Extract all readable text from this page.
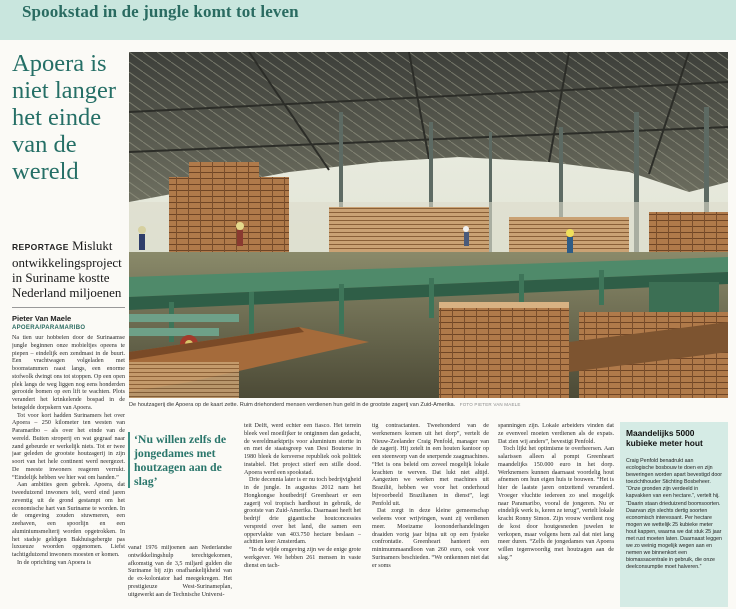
Spookstad in de jungle komt tot leven
Apoera is niet langer het einde van de wereld
REPORTAGE Mislukt ontwikkelingsproject in Suriname kostte Nederland miljoenen
Pieter Van Maele
APOERA/PARAMARIBO

Na tien uur hobbelen door de Surinaamse jungle beginnen onze mobieltjes opeens te piepen – eindelijk een zendmast in de buurt. Een vrachtwagen volgeladen met boomstammen raast langs, een enorme stofwolk dwingt ons tot stoppen. Op een open plek langs de weg liggen nog eens honderden gerooide bomen op een lift te wachten. Plots verandert het krinkelende bospad in de betegelde dorpskern van Apoera.

Tot voor kort hadden Surinamers het over Apoera – 250 kilometer ten westen van Paramaribo – als over het einde van de wereld. Buiten stroperij en wat gegraaf naar zand gebeurde er werkelijk niets. Tot er twee jaar geleden de grootste houtzagerij in zijn soort van het hele continent werd neergezet. De meeste inwoners reageren verrukt. “Eindelijk hebben we hier wat om handen.”

Aan ambities geen gebrek. Apoera, dat tweeduizend inwoners telt, werd eind jaren zeventig uit de grond gestampt om het economische hart van Suriname te worden. In de omgeving zouden stuwmeren, een zeehaven, een spoorlijn en een aluminiumsmelterij worden opgetrokken. In het stadsje geldigen Bakhuisgebergte pas luxueuze woorden opgenomen. Liefst tachtigduizend inwoners moesten er komen.

In de oprichting van Apoera is

De houtzagerij die Apoera op de kaart zette. Ruim driehonderd mensen verdienen hun geld in de grootste zagerij van Zuid-Amerika. FOTO PIETER VAN MAELE
‘Nu willen zelfs de jongedames met houtzagen aan de slag’

vanaf 1976 miljoenen aan Nederlandse ontwikkelingshulp terechtgekomen, afkomstig van de 3,5 miljard gulden die Suriname bij zijn onafhankelijkheid van de ex-koloniator had meegekregen. Het prestigieuze West-Surinameplan, uitgewerkt aan de Technische Universi-

teit Delft, werd echter een fiasco. Het terrein bleek veel moeilijker te ontginnen dan gedacht, de wereldmarktprijs voor aluminium stortte in en met de staatsgreep van Desi Bouterse in 1980 bleek de kersverse republiek ook politiek instabiel. Het project stierf een stille dood. Apoera werd een spookstad.

Drie decennia later is er nu toch bedrijvigheid in de jungle. In augustus 2012 nam het Hongkongse houtbedrijf Greenheart er een zagerij vol tropisch hardhout in gebruik, de grootste van Zuid-Amerika. Daarnaast heeft het bedrijf drie gigantische houtconcessies verspreid over het land, die samen een oppervlakte van 403.750 hectare beslaan – achttien keer Amsterdam.

“In de wijde omgeving zijn we de enige grote werkgever. We hebben 261 mensen in vaste dienst en tach-

tig contractanten. Tweehonderd van de werknemers komen uit het dorp”, vertelt de Nieuw-Zeelander Craig Penfold, manager van de zagerij. Hij zetelt in een houten kantoor op een steenworp van de snerpende zaagmachines. “Het is ons beleid om zoveel mogelijk lokale krachten te werven. Dat lukt niet altijd. Aangezien we werken met machines uit Brazilië, hebben we voor het onderhoud bijvoorbeeld Brazilianen in dienst”, legt Penfold uit.

Dat zorgt in deze kleine gemeenschap weleens voor wrijvingen, want zij verdienen meer. Moeizame loononderhandelingen draaiden vorig jaar bijna uit op een fysieke confrontatie. Greenheart hanteert een minimummaandloon van 260 euro, ook voor Surinamers beschieden. “We ontkennen niet dat er soms

spanningen zijn. Lokale arbeiders vinden dat ze evenveel moeten verdienen als de expats. Dat zien wij anders”, bevestigt Penfold.

Toch lijkt het optimisme te overheersen. Aan salarissen alleen al pompt Greenheart maandelijks 150.000 euro in het dorp. Werknemers kunnen daarnaast voordelig hout afnemen om hun eigen huis te bouwen. “Het is hier de laatste jaren ontzettend veranderd. Vroeger vluchtte iedereen zo snel mogelijk naar Paramaribo, vooral de jongeren. Nu er eindelijk werk is, keren ze terug”, vertelt lokale kracht Ronny Simon. Zijn vrouw verdient nog de kost door houtgesneden juwelen te verkopen, maar volgens hem zal dat niet lang meer duren. “Zelfs de jongedames van Apoera willen tegenwoordig met houtzagen aan de slag.”

Maandelijks 5000 kubieke meter hout
Craig Penfold benadrukt aan ecologische bosbouw te doen en zijn beweringen worden apart bevestigd door toezichthouder Stichting Bosbeheer. “Onze gronden zijn verdeeld in kapvakken van een hectare.”, vertelt hij. “Daarin staan drieduizend boomsoorten. Daarvan zijn slechts dertig soorten economisch interessant. Per hectare mogen we wettelijk 25 kubieke meter hout kappen, waarna we dat stuk 25 jaar met rust moeten laten. Daarnaast leggen we zo weinig mogelijk wegen aan en nemen we binnenkort een biomassacentrale in gebruik, die onze deelconsumptie moet halveren.”
